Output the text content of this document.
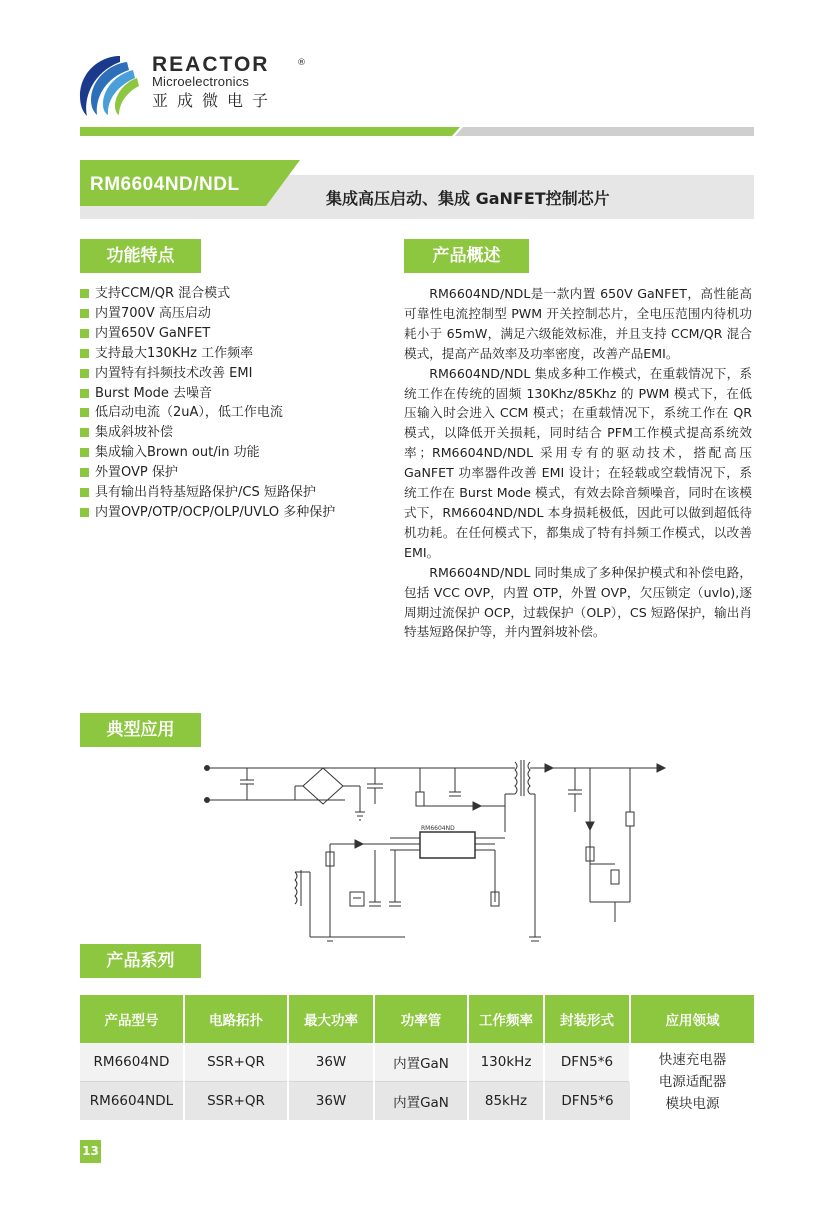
REACTOR	®
Microelectronics
亚成微电子
RM6604ND/NDL
集成高压启动、集成 GaNFET控制芯片
功能特点
支持CCM/QR 混合模式
内置700V 高压启动
内置650V GaNFET
支持最大130KHz 工作频率
内置特有抖频技术改善 EMI
Burst Mode 去噪音
低启动电流（2uA），低工作电流
集成斜坡补偿
集成输入Brown out/in 功能
外置OVP 保护
具有输出肖特基短路保护/CS 短路保护
内置OVP/OTP/OCP/OLP/UVLO 多种保护
产品概述

RM6604ND/NDL是一款内置 650V GaNFET，高性能高可靠性电流控制型 PWM 开关控制芯片，全电压范围内待机功耗小于 65mW，满足六级能效标准，并且支持 CCM/QR 混合模式，提高产品效率及功率密度，改善产品EMI。

RM6604ND/NDL 集成多种工作模式，在重载情况下，系统工作在传统的固频 130Khz/85Khz 的 PWM 模式下，在低压输入时会进入 CCM 模式；在重载情况下，系统工作在 QR 模式，以降低开关损耗，同时结合 PFM工作模式提高系统效率；RM6604ND/NDL 采用专有的驱动技术，搭配高压 GaNFET 功率器件改善 EMI 设计；在轻载或空载情况下，系统工作在 Burst Mode 模式，有效去除音频噪音，同时在该模式下，RM6604ND/NDL 本身损耗极低，因此可以做到超低待机功耗。在任何模式下，都集成了特有抖频工作模式，以改善 EMI。

RM6604ND/NDL 同时集成了多种保护模式和补偿电路，包括 VCC OVP，内置 OTP，外置 OVP，欠压锁定（uvlo),逐周期过流保护 OCP，过载保护（OLP），CS 短路保护，输出肖特基短路保护等，并内置斜坡补偿。

典型应用
RM6604ND
产品系列
产品型号	电路拓扑	最大功率	功率管	工作频率	封装形式	应用领域
RM6604ND	SSR+QR	36W	内置GaN	130kHz	DFN5*6	快速充电器
电源适配器
模块电源

RM6604NDL	SSR+QR	36W	内置GaN	85kHz	DFN5*6	
13
